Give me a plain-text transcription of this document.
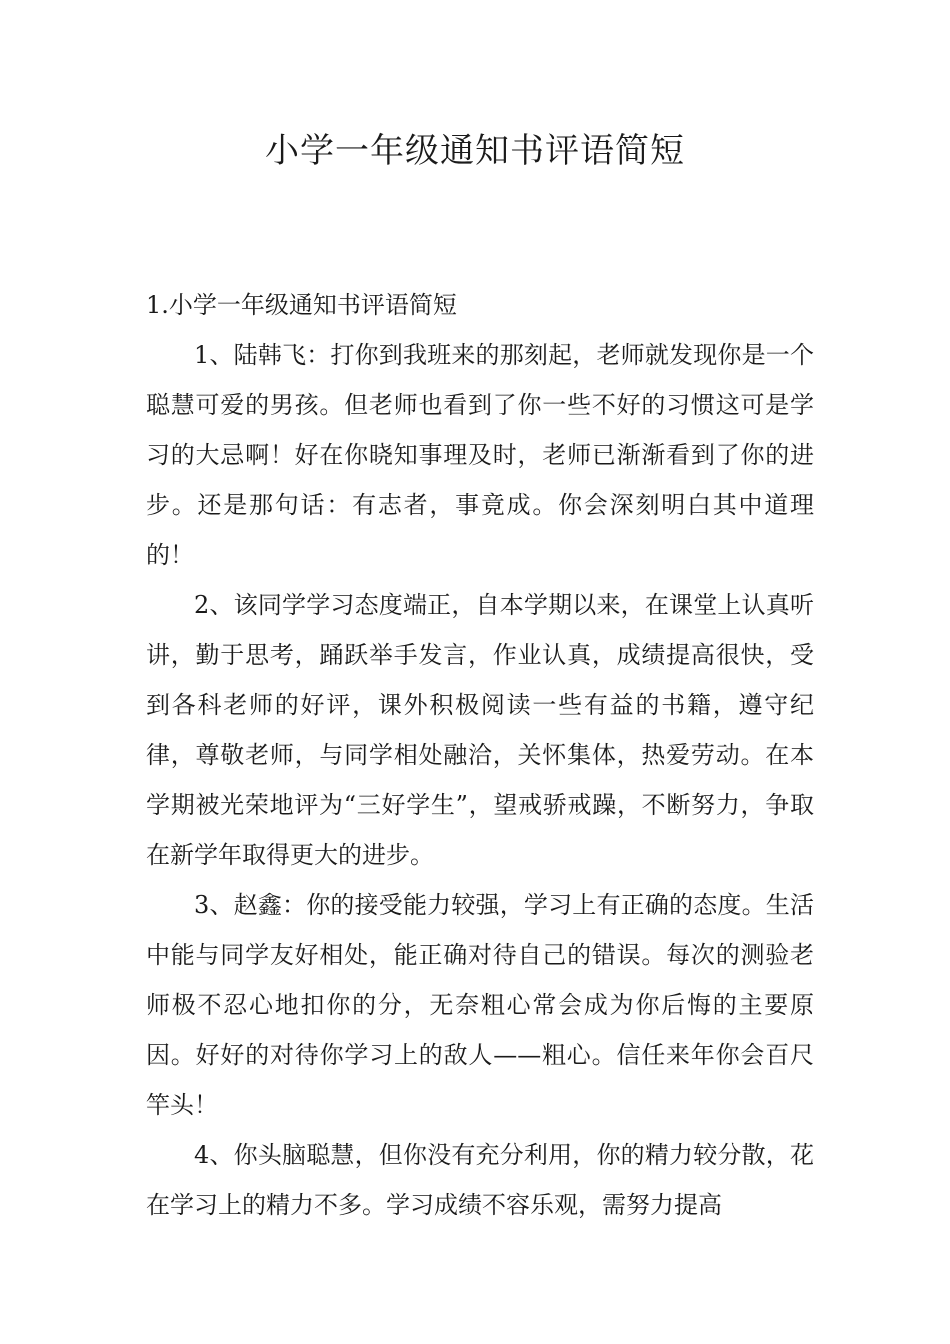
小学一年级通知书评语简短
1.小学一年级通知书评语简短

1、陆韩飞：打你到我班来的那刻起，老师就发现你是一个聪慧可爱的男孩。但老师也看到了你一些不好的习惯这可是学习的大忌啊！好在你晓知事理及时，老师已渐渐看到了你的进步。还是那句话：有志者，事竟成。你会深刻明白其中道理的！

2、该同学学习态度端正，自本学期以来，在课堂上认真听讲，勤于思考，踊跃举手发言，作业认真，成绩提高很快，受到各科老师的好评，课外积极阅读一些有益的书籍，遵守纪律，尊敬老师，与同学相处融洽，关怀集体，热爱劳动。在本学期被光荣地评为“三好学生”，望戒骄戒躁，不断努力，争取在新学年取得更大的进步。

3、赵鑫：你的接受能力较强，学习上有正确的态度。生活中能与同学友好相处，能正确对待自己的错误。每次的测验老师极不忍心地扣你的分，无奈粗心常会成为你后悔的主要原因。好好的对待你学习上的敌人——粗心。信任来年你会百尺竿头！

4、你头脑聪慧，但你没有充分利用，你的精力较分散，花在学习上的精力不多。学习成绩不容乐观，需努力提高
